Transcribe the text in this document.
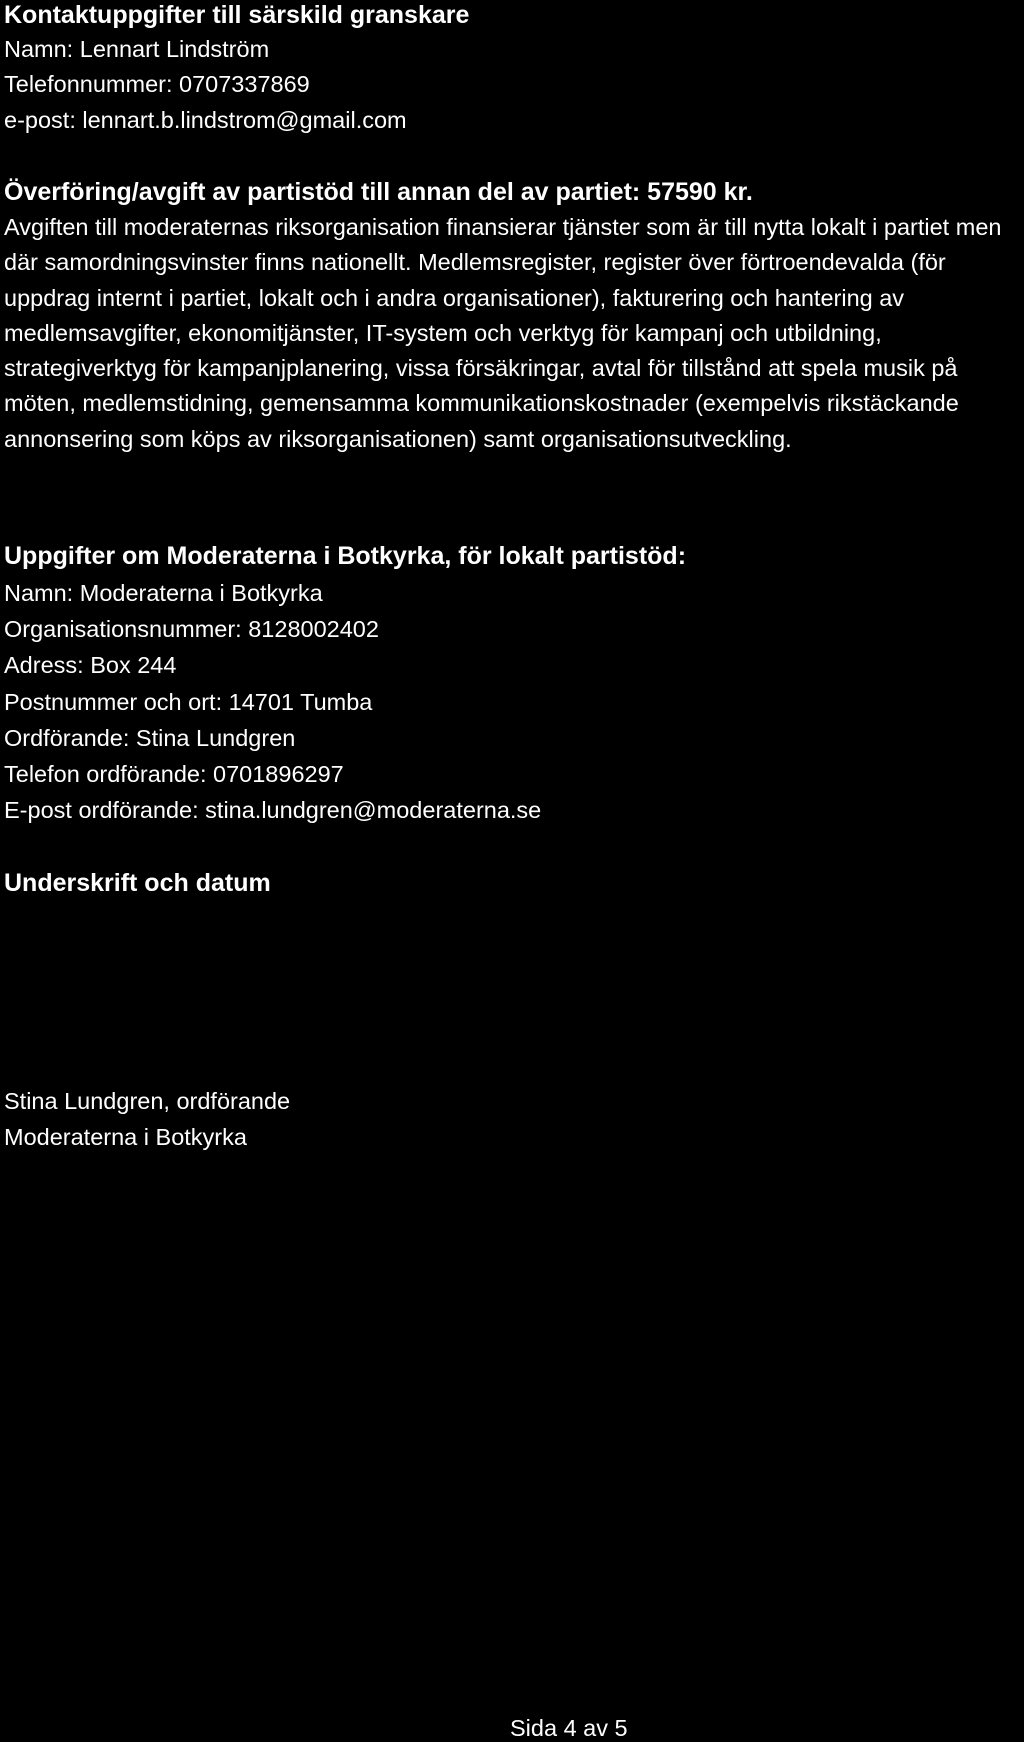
Kontaktuppgifter till särskild granskare

Namn: Lennart Lindström

Telefonnummer: 0707337869

e-post: lennart.b.lindstrom@gmail.com

Överföring/avgift av partistöd till annan del av partiet: 57590 kr.

Avgiften till moderaternas riksorganisation finansierar tjänster som är till nytta lokalt i partiet men där samordningsvinster finns nationellt. Medlemsregister, register över förtroendevalda (för uppdrag internt i partiet, lokalt och i andra organisationer), fakturering och hantering av medlemsavgifter, ekonomitjänster, IT-system och verktyg för kampanj och utbildning, strategiverktyg för kampanjplanering, vissa försäkringar, avtal för tillstånd att spela musik på möten, medlemstidning, gemensamma kommunikationskostnader (exempelvis rikstäckande annonsering som köps av riksorganisationen) samt organisationsutveckling.

Uppgifter om Moderaterna i Botkyrka, för lokalt partistöd:

Namn: Moderaterna i Botkyrka

Organisationsnummer: 8128002402

Adress: Box 244

Postnummer och ort: 14701 Tumba

Ordförande: Stina Lundgren

Telefon ordförande: 0701896297

E-post ordförande: stina.lundgren@moderaterna.se

Underskrift och datum

Stina Lundgren, ordförande

Moderaterna i Botkyrka

Sida 4 av 5
